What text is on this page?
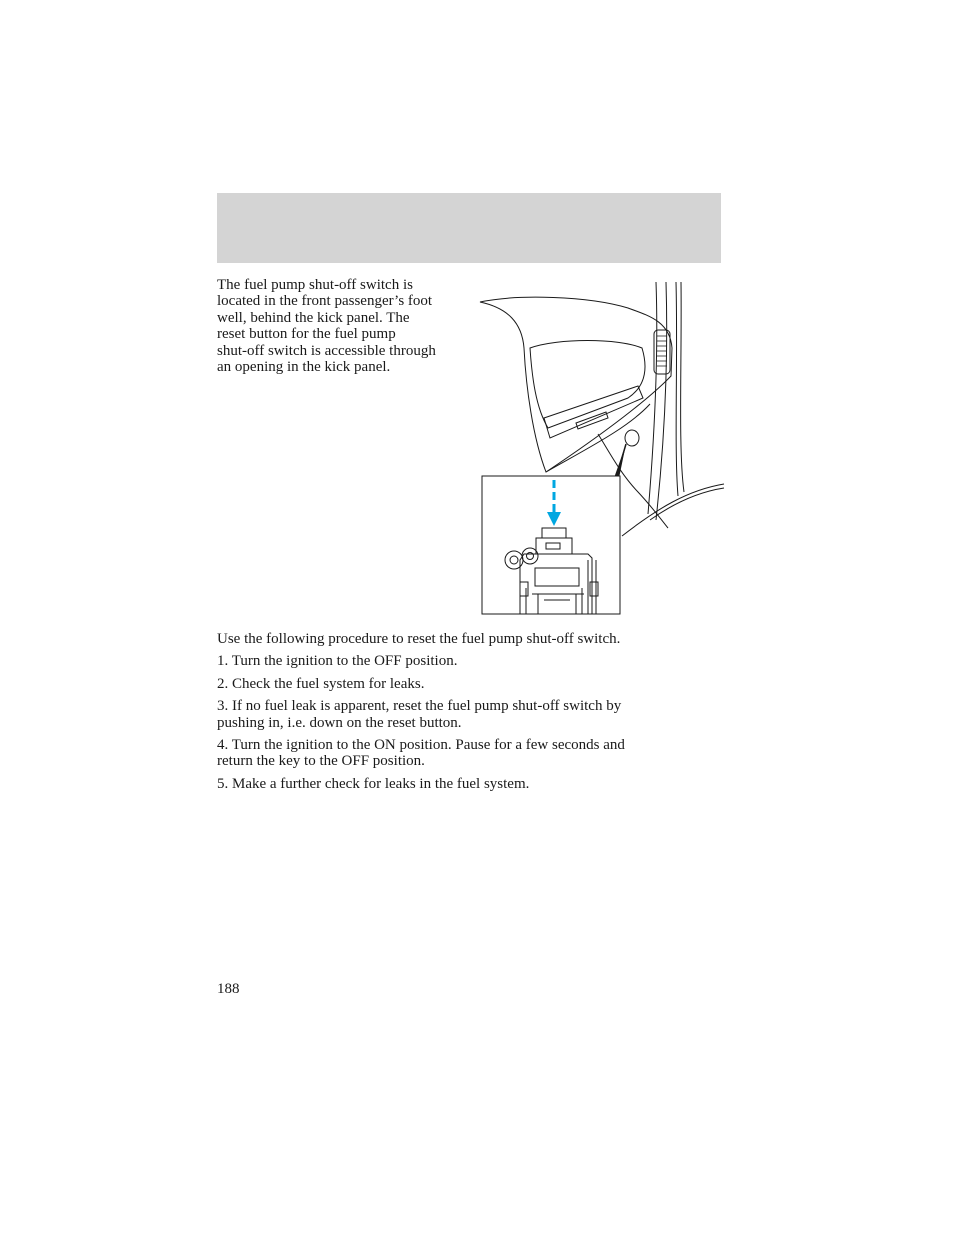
The fuel pump shut-off switch is
located in the front passenger’s foot
well, behind the kick panel. The
reset button for the fuel pump
shut-off switch is accessible through
an opening in the kick panel.

Use the following procedure to reset the fuel pump shut-off switch.

1. Turn the ignition to the OFF position.

2. Check the fuel system for leaks.

3. If no fuel leak is apparent, reset the fuel pump shut-off switch by
pushing in, i.e. down on the reset button.

4. Turn the ignition to the ON position. Pause for a few seconds and
return the key to the OFF position.

5. Make a further check for leaks in the fuel system.

188
